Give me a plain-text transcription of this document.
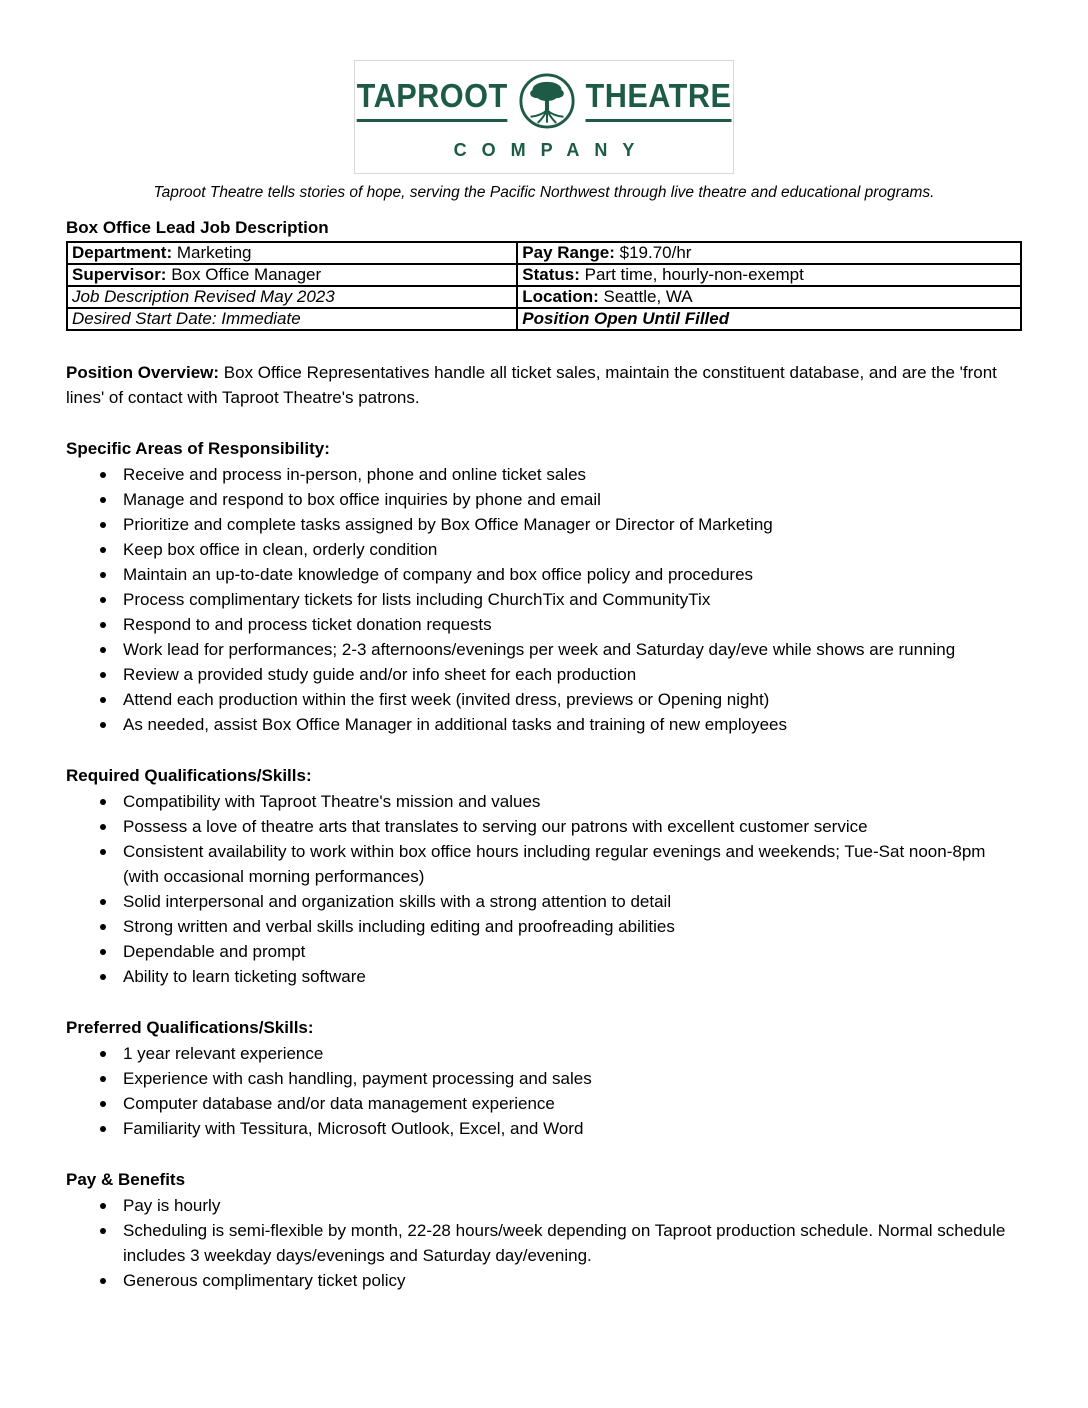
TAPROOT THEATRE
COMPANY

Taproot Theatre tells stories of hope, serving the Pacific Northwest through live theatre and educational programs.

Box Office Lead Job Description
Department: Marketing	Pay Range: $19.70/hr
Supervisor: Box Office Manager	Status: Part time, hourly-non-exempt
Job Description Revised May 2023	Location: Seattle, WA
Desired Start Date: Immediate	Position Open Until Filled

Position Overview: Box Office Representatives handle all ticket sales, maintain the constituent database, and are the 'front lines' of contact with Taproot Theatre's patrons.

Specific Areas of Responsibility:

Receive and process in-person, phone and online ticket sales
Manage and respond to box office inquiries by phone and email
Prioritize and complete tasks assigned by Box Office Manager or Director of Marketing
Keep box office in clean, orderly condition
Maintain an up-to-date knowledge of company and box office policy and procedures
Process complimentary tickets for lists including ChurchTix and CommunityTix
Respond to and process ticket donation requests
Work lead for performances; 2-3 afternoons/evenings per week and Saturday day/eve while shows are running
Review a provided study guide and/or info sheet for each production
Attend each production within the first week (invited dress, previews or Opening night)
As needed, assist Box Office Manager in additional tasks and training of new employees

Required Qualifications/Skills:

Compatibility with Taproot Theatre's mission and values
Possess a love of theatre arts that translates to serving our patrons with excellent customer service
Consistent availability to work within box office hours including regular evenings and weekends; Tue-Sat noon-8pm (with occasional morning performances)
Solid interpersonal and organization skills with a strong attention to detail
Strong written and verbal skills including editing and proofreading abilities
Dependable and prompt
Ability to learn ticketing software

Preferred Qualifications/Skills:

1 year relevant experience
Experience with cash handling, payment processing and sales
Computer database and/or data management experience
Familiarity with Tessitura, Microsoft Outlook, Excel, and Word

Pay & Benefits

Pay is hourly
Scheduling is semi-flexible by month, 22-28 hours/week depending on Taproot production schedule. Normal schedule includes 3 weekday days/evenings and Saturday day/evening.
Generous complimentary ticket policy
